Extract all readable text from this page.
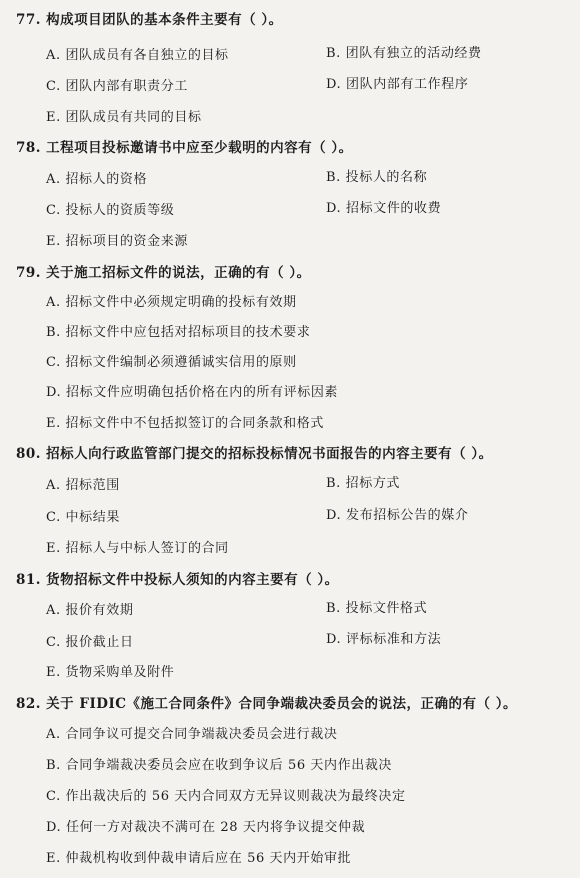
77. 构成项目团队的基本条件主要有（ ）。
A. 团队成员有各自独立的目标	B. 团队有独立的活动经费
C. 团队内部有职责分工	D. 团队内部有工作程序
E. 团队成员有共同的目标
78. 工程项目投标邀请书中应至少载明的内容有（ ）。
A. 招标人的资格	B. 投标人的名称
C. 投标人的资质等级	D. 招标文件的收费
E. 招标项目的资金来源
79. 关于施工招标文件的说法，正确的有（ ）。
A. 招标文件中必须规定明确的投标有效期
B. 招标文件中应包括对招标项目的技术要求
C. 招标文件编制必须遵循诚实信用的原则
D. 招标文件应明确包括价格在内的所有评标因素
E. 招标文件中不包括拟签订的合同条款和格式
80. 招标人向行政监管部门提交的招标投标情况书面报告的内容主要有（ ）。
A. 招标范围	B. 招标方式
C. 中标结果	D. 发布招标公告的媒介
E. 招标人与中标人签订的合同
81. 货物招标文件中投标人须知的内容主要有（ ）。
A. 报价有效期	B. 投标文件格式
C. 报价截止日	D. 评标标准和方法
E. 货物采购单及附件
82. 关于 FIDIC《施工合同条件》合同争端裁决委员会的说法，正确的有（ ）。
A. 合同争议可提交合同争端裁决委员会进行裁决
B. 合同争端裁决委员会应在收到争议后 56 天内作出裁决
C. 作出裁决后的 56 天内合同双方无异议则裁决为最终决定
D. 任何一方对裁决不满可在 28 天内将争议提交仲裁
E. 仲裁机构收到仲裁申请后应在 56 天内开始审批
